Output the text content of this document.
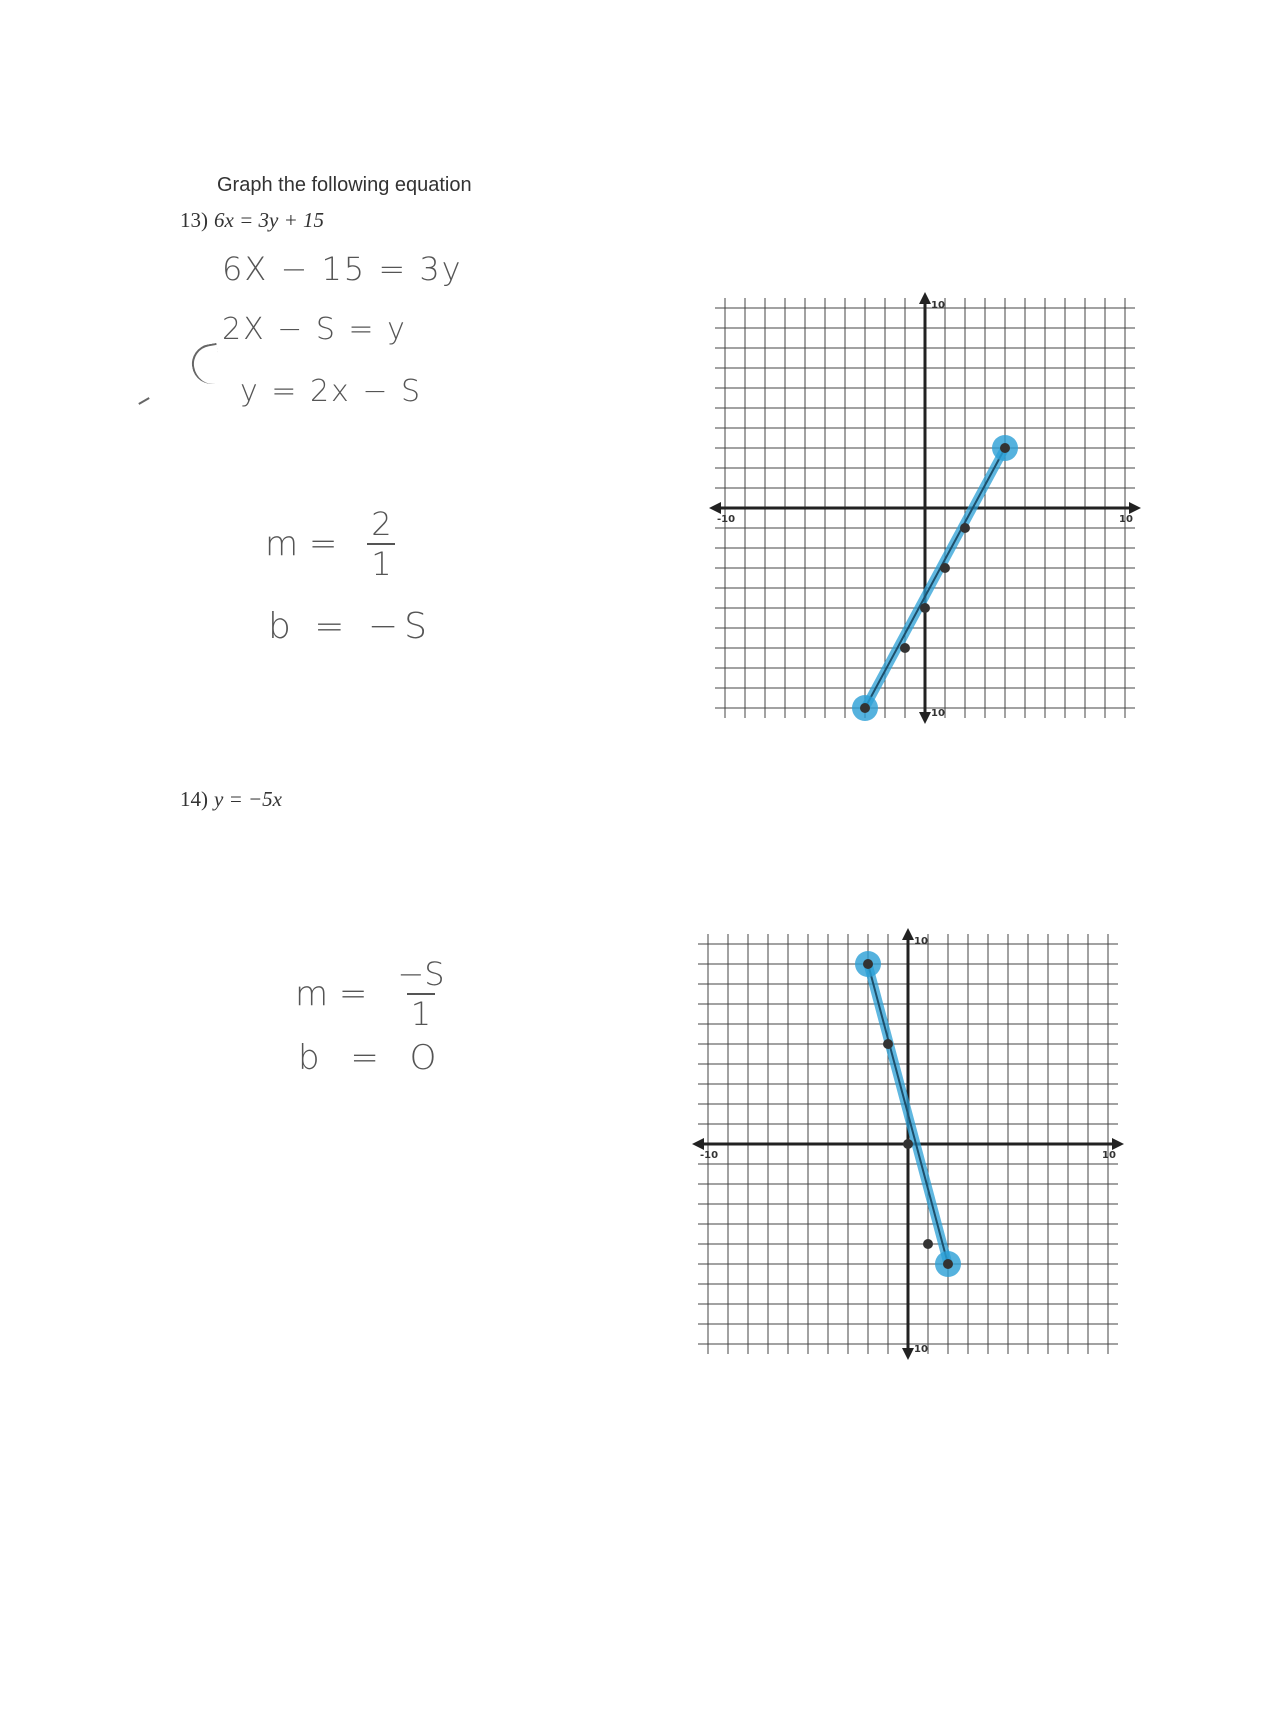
Graph the following equation
13) 6x = 3y + 15
6X − 15 = 3y
2X − S = y
y = 2x − S
m = 2
1
b = −S
10
10
-10	10
14) y = −5x
m = −S
1
b = O
10
10
-10	10
